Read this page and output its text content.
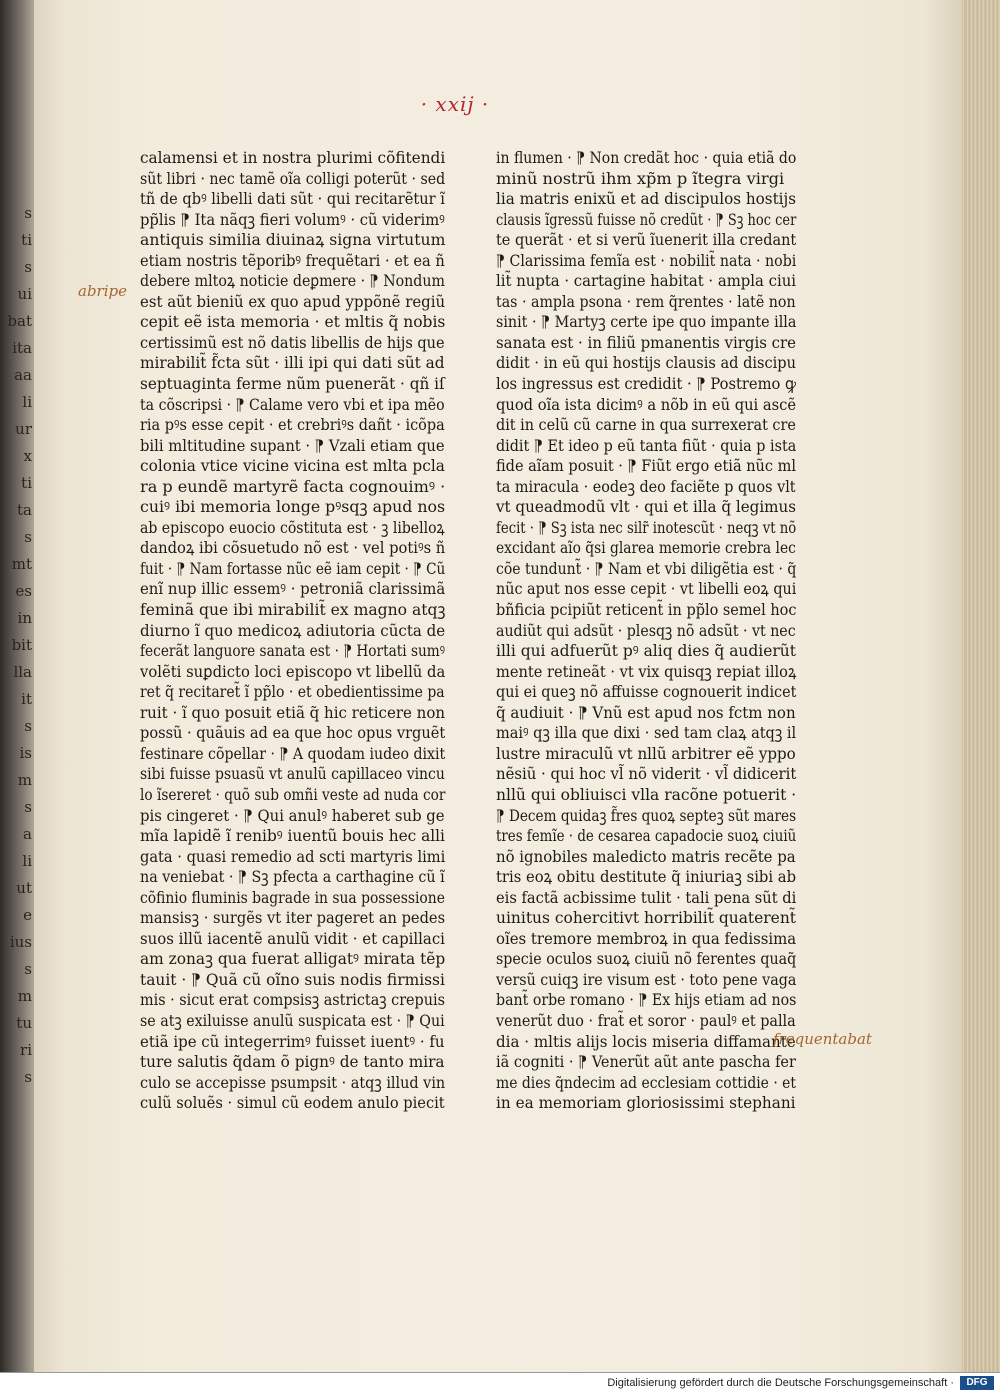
s
ti
s
ui
bat
ita
aa
li
ur
x
ti
ta
s
mt
es
in
bit
lla
it
s
is
m
s
a
li
ut
e
ius
s
m
tu
ri
s
· xxij ·
calamensi et in nostra plurimi cõfitendi
sũt libri · nec tamẽ oĩa colligi poterũt · sed
tñ de qbꝰ libelli dati sũt · qui recitarẽtur ĩ
pp̃lis ⁋ Ita nãqꝫ fieri volumꝰ · cũ viderimꝰ
antiquis similia diuinaꝝ signa virtutum
etiam nostris tẽporibꝰ frequẽtari · et ea ñ
debere mltoꝝ noticie deꝑmere · ⁋ Nondum
est aũt bieniũ ex quo apud yppõnẽ regiũ
cepit eẽ ista memoria · et mltis q̃ nobis
certissimũ est nõ datis libellis de hijs que
mirabilit̃ f̃cta sũt · illi ipi qui dati sũt ad
septuaginta ferme nũm puenerãt · qñ iſ
ta cõscripsi · ⁋ Calame vero vbi et ipa mẽo
ria pꝰs esse cepit · et crebriꝰs dañt · icõpa
bili mltitudine supant · ⁋ Vzali etiam que
colonia vtice vicine vicina est mlta pcla
ra p eundẽ martyrẽ facta cognouimꝰ ·
cuiꝰ ibi memoria longe pꝰsqꝫ apud nos
ab episcopo euocio cõstituta est · ꝫ libelloꝝ
dandoꝝ ibi cõsuetudo nõ est · vel potiꝰs ñ
fuit · ⁋ Nam fortasse nũc eẽ iam cepit · ⁋ Cũ
enĩ nup illic essemꝰ · petroniã clarissimã
feminã que ibi mirabilit̃ ex magno atqꝫ
diurno ĩ quo medicoꝝ adiutoria cũcta de
fecerãt languore sanata est · ⁋ Hortati sumꝰ
volẽti suꝑdicto loci episcopo vt libellũ da
ret q̃ recitaret̃ ĩ pp̃lo · et obedientissime pa
ruit · ĩ quo posuit etiã q̃ hic reticere non
possũ · quãuis ad ea que hoc opus vrguẽt
festinare cõpellar · ⁋ A quodam iudeo dixit
sibi fuisse psuasũ vt anulũ capillaceo vincu
lo ĩsereret · quõ sub omñi veste ad nuda cor
pis cingeret · ⁋ Qui anulꝰ haberet sub ge
mĩa lapidẽ ĩ renibꝰ iuentũ bouis hec alli
gata · quasi remedio ad scti martyris limi
na veniebat · ⁋ Sꝫ pfecta a carthagine cũ ĩ
cõfinio fluminis bagrade in sua possessione
mansisꝫ · surgẽs vt iter pageret an pedes
suos illũ iacentẽ anulũ vidit · et capillaci
am zonaꝫ qua fuerat alligatꝰ mirata tẽp
tauit · ⁋ Quã cũ oĩno suis nodis firmissi
mis · sicut erat compsisꝫ astrictaꝫ crepuis
se atꝫ exiluisse anulũ suspicata est · ⁋ Qui
etiã ipe cũ integerrimꝰ fuisset iuentꝰ · fu
ture salutis q̃dam õ pignꝰ de tanto mira
culo se accepisse psumpsit · atqꝫ illud vin
culũ soluẽs · simul cũ eodem anulo piecit
in flumen · ⁋ Non credãt hoc · quia etiã do
minũ nostrũ ihm xp̃m p ĩtegra virgi
lia matris enixũ et ad discipulos hostijs
clausis ĩgressũ fuisse nõ credũt · ⁋ Sꝫ hoc cer
te querãt · et si verũ ĩuenerit illa credant
⁋ Clarissima femĩa est · nobilit̃ nata · nobi
lit̃ nupta · cartagine habitat · ampla ciui
tas · ampla psona · rem q̃rentes · latẽ non
sinit · ⁋ Martyꝫ certe ipe quo impante illa
sanata est · in filiũ pmanentis virgis cre
didit · in eũ qui hostijs clausis ad discipu
los ingressus est credidit · ⁋ Postremo ꝙ
quod oĩa ista dicimꝰ a nõb in eũ qui ascẽ
dit in celũ cũ carne in qua surrexerat cre
didit ⁋ Et ideo p eũ tanta fiũt · quia p ista
fide aĩam posuit · ⁋ Fiũt ergo etiã nũc ml
ta miracula · eodeꝫ deo faciẽte p quos vlt
vt queadmodũ vlt · qui et illa q̃ legimus
fecit · ⁋ Sꝫ ista nec silr̃ inotescũt · neqꝫ vt nõ
excidant aĩo q̃si glarea memorie crebra lec
cõe tundunt̃ · ⁋ Nam et vbi diligẽtia est · q̃
nũc aput nos esse cepit · vt libelli eoꝝ qui
bñficia pcipiũt reticent̃ in pp̃lo semel hoc
audiũt qui adsũt · plesqꝫ nõ adsũt · vt nec
illi qui adfuerũt pꝰ aliq dies q̃ audierũt
mente retineãt · vt vix quisqꝫ repiat illoꝝ
qui ei queꝫ nõ affuisse cognouerit indicet
q̃ audiuit · ⁋ Vnũ est apud nos fctm non
maiꝰ qꝫ illa que dixi · sed tam claꝝ atqꝫ il
lustre miraculũ vt nllũ arbitrer eẽ yppo
nẽsiũ · qui hoc vl̃ nõ viderit · vl̃ didicerit
nllũ qui obliuisci vlla racõne potuerit ·
⁋ Decem quidaꝫ f̃res quoꝝ septeꝫ sũt mares
tres femĩe · de cesarea capadocie suoꝝ ciuiũ
nõ ignobiles maledicto matris recẽte pa
tris eoꝝ obitu destitute q̃ iniuriaꝫ sibi ab
eis factã acbissime tulit · tali pena sũt di
uinitus cohercitivt horribilit̃ quaterent̃
oĩes tremore membroꝝ in qua fedissima
specie oculos suoꝝ ciuiũ nõ ferentes quaq̃
versũ cuiqꝫ ire visum est · toto pene vaga
bant̃ orbe romano · ⁋ Ex hijs etiam ad nos
venerũt duo · frat̃ et soror · paulꝰ et palla
dia · mltis alijs locis miseria diffamante
iã cogniti · ⁋ Venerũt aũt ante pascha fer
me dies q̃ndecim ad ecclesiam cottidie · et
in ea memoriam gloriosissimi stephani
abripe
frequentabat
Digitalisierung gefördert durch die Deutsche Forschungsgemeinschaft ·	DFG
